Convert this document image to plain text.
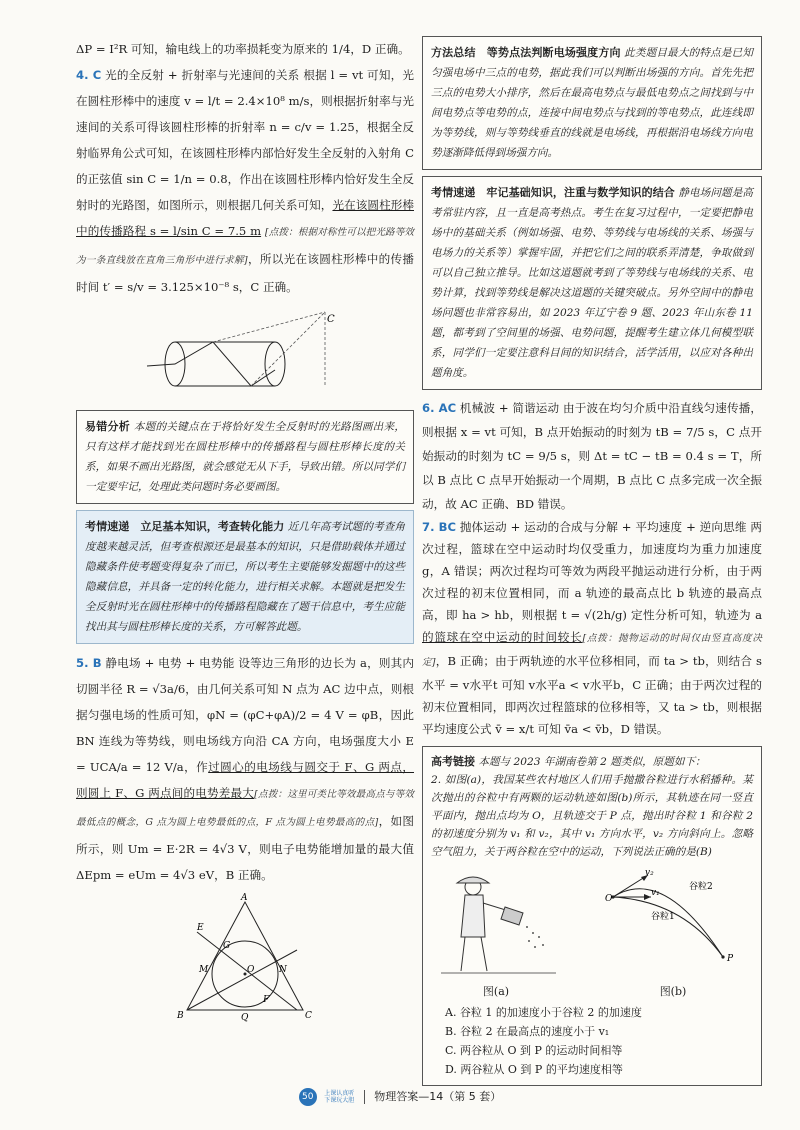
ΔP = I²R 可知，输电线上的功率损耗变为原来的 1/4，D 正确。

4. C 光的全反射 + 折射率与光速间的关系 根据 l = vt 可知，光在圆柱形棒中的速度 v = l/t = 2.4×10⁸ m/s，则根据折射率与光速间的关系可得该圆柱形棒的折射率 n = c/v = 1.25，根据全反射临界角公式可知，在该圆柱形棒内部恰好发生全反射的入射角 C 的正弦值 sin C = 1/n = 0.8，作出在该圆柱形棒内恰好发生全反射时的光路图，如图所示，则根据几何关系可知，光在该圆柱形棒中的传播路程 s = l/sin C = 7.5 m [点拨：根据对称性可以把光路等效为一条直线放在直角三角形中进行求解]，所以光在该圆柱形棒中的传播时间 t′ = s/v = 3.125×10⁻⁸ s，C 正确。

C
易错分析 本题的关键点在于将恰好发生全反射时的光路图画出来，只有这样才能找到光在圆柱形棒中的传播路程与圆柱形棒长度的关系，如果不画出光路图，就会感觉无从下手，导致出错。所以同学们一定要牢记，处理此类问题时务必要画图。
考情速递　立足基本知识，考查转化能力 近几年高考试题的考查角度越来越灵活，但考查根源还是最基本的知识，只是借助载体并通过隐藏条件使考题变得复杂了而已，所以考生主要能够发掘题中的这些隐藏信息，并具备一定的转化能力，进行相关求解。本题就是把发生全反射时光在圆柱形棒中的传播路程隐藏在了题干信息中，考生应能找出其与圆柱形棒长度的关系，方可解答此题。

5. B 静电场 + 电势 + 电势能 设等边三角形的边长为 a，则其内切圆半径 R = √3a/6，由几何关系可知 N 点为 AC 边中点，则根据匀强电场的性质可知，φN = (φC+φA)/2 = 4 V = φB，因此 BN 连线为等势线，则电场线方向沿 CA 方向，电场强度大小 E = UCA/a = 12 V/a，作过圆心的电场线与圆交于 F、G 两点，则圆上 F、G 两点间的电势差最大[点拨：这里可类比等效最高点与等效最低点的概念，G 点为圆上电势最低的点，F 点为圆上电势最高的点]，如图所示，则 Um = E·2R = 4√3 V，则电子电势能增加量的最大值 ΔEpm = eUm = 4√3 eV，B 正确。

A
E
G
M	N
O
F
B	Q	C
方法总结　等势点法判断电场强度方向 此类题目最大的特点是已知匀强电场中三点的电势，据此我们可以判断出场强的方向。首先先把三点的电势大小排序，然后在最高电势点与最低电势点之间找到与中间电势点等电势的点，连接中间电势点与找到的等电势点，此连线即为等势线，则与等势线垂直的线就是电场线，再根据沿电场线方向电势逐渐降低得到场强方向。
考情速递　牢记基础知识，注重与数学知识的结合 静电场问题是高考常驻内容，且一直是高考热点。考生在复习过程中，一定要把静电场中的基础关系（例如场强、电势、等势线与电场线的关系、场强与电场力的关系等）掌握牢固，并把它们之间的联系弄清楚，争取做到可以自己独立推导。比如这道题就考到了等势线与电场线的关系、电势计算，找到等势线是解决这道题的关键突破点。另外空间中的静电场问题也非常容易出，如 2023 年辽宁卷 9 题、2023 年山东卷 11 题，都考到了空间里的场强、电势问题，提醒考生建立体几何模型联系，同学们一定要注意科目间的知识结合，活学活用，以应对各种出题角度。

6. AC 机械波 + 简谐运动 由于波在均匀介质中沿直线匀速传播，则根据 x = vt 可知，B 点开始振动的时刻为 tB = 7/5 s，C 点开始振动的时刻为 tC = 9/5 s，则 Δt = tC − tB = 0.4 s = T，所以 B 点比 C 点早开始振动一个周期，B 点比 C 点多完成一次全振动，故 AC 正确、BD 错误。

7. BC 抛体运动 + 运动的合成与分解 + 平均速度 + 逆向思维 两次过程，篮球在空中运动时均仅受重力，加速度均为重力加速度 g，A 错误；两次过程均可等效为两段平抛运动进行分析，由于两次过程的初末位置相同，而 a 轨迹的最高点比 b 轨迹的最高点高，即 ha > hb，则根据 t = √(2h/g) 定性分析可知，轨迹为 a 的篮球在空中运动的时间较长[点拨：抛物运动的时间仅由竖直高度决定]，B 正确；由于两轨迹的水平位移相同，而 ta > tb，则结合 s水平 = v水平t 可知 v水平a < v水平b，C 正确；由于两次过程的初末位置相同，即两次过程篮球的位移相等，又 ta > tb，则根据平均速度公式 v̄ = x/t 可知 v̄a < v̄b，D 错误。

高考链接 本题与 2023 年湖南卷第 2 题类似，原题如下：
2. 如图(a)，我国某些农村地区人们用手抛撒谷粒进行水稻播种。某次抛出的谷粒中有两颗的运动轨迹如图(b)所示，其轨迹在同一竖直平面内，抛出点均为 O，且轨迹交于 P 点，抛出时谷粒 1 和谷粒 2 的初速度分别为 v₁ 和 v₂，其中 v₁ 方向水平，v₂ 方向斜向上。忽略空气阻力，关于两谷粒在空中的运动，下列说法正确的是(B)
图(a)
v₂
O
v₁
谷粒2
谷粒1
P
图(b)

A. 谷粒 1 的加速度小于谷粒 2 的加速度

B. 谷粒 2 在最高点的速度小于 v₁

C. 两谷粒从 O 到 P 的运动时间相等

D. 两谷粒从 O 到 P 的平均速度相等

50 上课认真听
下课玩大胆 物理答案—14（第 5 套）
